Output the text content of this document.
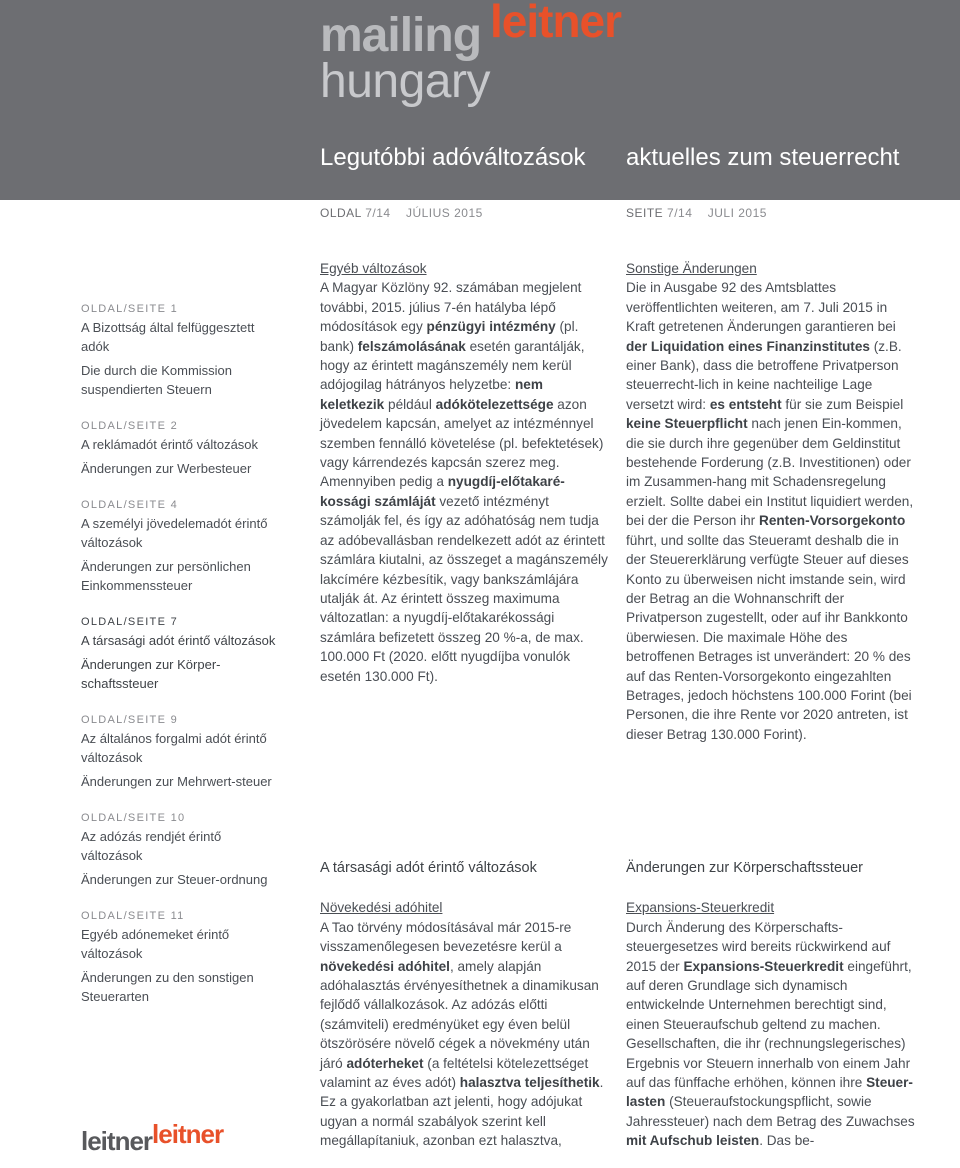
mailing leitner
hungary
Legutóbbi adóváltozások	aktuelles zum steuerrecht
OLDAL 7/14 JÚLIUS 2015	SEITE 7/14 JULI 2015
OLDAL/SEITE 1
A Bizottság által felfüggesztett adók
Die durch die Kommission suspendierten Steuern
OLDAL/SEITE 2
A reklámadót érintő változások
Änderungen zur Werbesteuer
OLDAL/SEITE 4
A személyi jövedelemadót érintő változások
Änderungen zur persönlichen Einkommenssteuer
OLDAL/SEITE 7
A társasági adót érintő változások
Änderungen zur Körper-schaftssteuer
OLDAL/SEITE 9
Az általános forgalmi adót érintő változások
Änderungen zur Mehrwert-steuer
OLDAL/SEITE 10
Az adózás rendjét érintő változások
Änderungen zur Steuer-ordnung
OLDAL/SEITE 11
Egyéb adónemeket érintő változások
Änderungen zu den sonstigen Steuerarten
leitnerleitner
Egyéb változások

A Magyar Közlöny 92. számában megjelent további, 2015. július 7-én hatályba lépő módosítások egy pénzügyi intézmény (pl. bank) felszámolásának esetén garantálják, hogy az érintett magánszemély nem kerül adójogilag hátrányos helyzetbe: nem keletkezik például adókötelezettsége azon jövedelem kapcsán, amelyet az intézménnyel szemben fennálló követelése (pl. befektetések) vagy kárrendezés kapcsán szerez meg. Amennyiben pedig a nyugdíj-előtakaré-kossági számláját vezető intézményt számolják fel, és így az adóhatóság nem tudja az adóbevallásban rendelkezett adót az érintett számlára kiutalni, az összeget a magánszemély lakcímére kézbesítik, vagy bankszámlájára utalják át. Az érintett összeg maximuma változatlan: a nyugdíj-előtakarékossági számlára befizetett összeg 20 %-a, de max. 100.000 Ft (2020. előtt nyugdíjba vonulók esetén 130.000 Ft).

Sonstige Änderungen

Die in Ausgabe 92 des Amtsblattes veröffentlichten weiteren, am 7. Juli 2015 in Kraft getretenen Änderungen garantieren bei der Liquidation eines Finanzinstitutes (z.B. einer Bank), dass die betroffene Privatperson steuerrecht-lich in keine nachteilige Lage versetzt wird: es entsteht für sie zum Beispiel keine Steuerpflicht nach jenen Ein-kommen, die sie durch ihre gegenüber dem Geldinstitut bestehende Forderung (z.B. Investitionen) oder im Zusammen-hang mit Schadensregelung erzielt. Sollte dabei ein Institut liquidiert werden, bei der die Person ihr Renten-Vorsorgekonto führt, und sollte das Steueramt deshalb die in der Steuererklärung verfügte Steuer auf dieses Konto zu überweisen nicht imstande sein, wird der Betrag an die Wohnanschrift der Privatperson zugestellt, oder auf ihr Bankkonto überwiesen. Die maximale Höhe des betroffenen Betrages ist unverändert: 20 % des auf das Renten-Vorsorgekonto eingezahlten Betrages, jedoch höchstens 100.000 Forint (bei Personen, die ihre Rente vor 2020 antreten, ist dieser Betrag 130.000 Forint).

A társasági adót érintő változások
Növekedési adóhitel

A Tao törvény módosításával már 2015-re visszamenőlegesen bevezetésre kerül a növekedési adóhitel, amely alapján adóhalasztás érvényesíthetnek a dinamikusan fejlődő vállalkozások. Az adózás előtti (számviteli) eredményüket egy éven belül ötszörösére növelő cégek a növekmény után járó adóterheket (a feltételsi kötelezettséget valamint az éves adót) halasztva teljesíthetik. Ez a gyakorlatban azt jelenti, hogy adójukat ugyan a normál szabályok szerint kell megállapítaniuk, azonban ezt halasztva,

Änderungen zur Körperschaftssteuer
Expansions-Steuerkredit

Durch Änderung des Körperschafts-steuergesetzes wird bereits rückwirkend auf 2015 der Expansions-Steuerkredit eingeführt, auf deren Grundlage sich dynamisch entwickelnde Unternehmen berechtigt sind, einen Steueraufschub geltend zu machen. Gesellschaften, die ihr (rechnungslegerisches) Ergebnis vor Steuern innerhalb von einem Jahr auf das fünffache erhöhen, können ihre Steuer-lasten (Steueraufstockungspflicht, sowie Jahressteuer) nach dem Betrag des Zuwachses mit Aufschub leisten. Das be-
